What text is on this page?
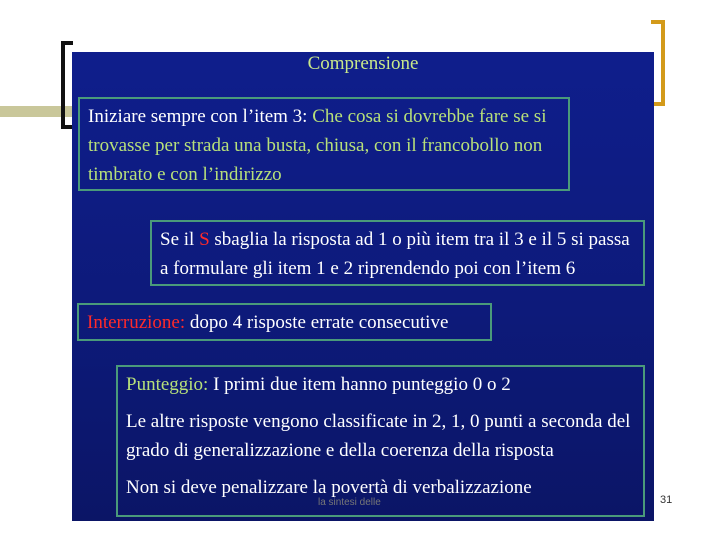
Comprensione
Iniziare sempre con l’item 3: Che cosa si dovrebbe fare se si trovasse per strada una busta, chiusa, con il francobollo non timbrato e con l’indirizzo
Se il S sbaglia la risposta ad 1 o più item tra il 3 e il 5 si passa a formulare gli item 1 e 2 riprendendo poi con l’item 6
Interruzione: dopo 4 risposte errate consecutive
Punteggio: I primi due item hanno punteggio 0 o 2
Le altre risposte vengono classificate in 2, 1, 0 punti a seconda del grado di generalizzazione e della coerenza della risposta
Non si deve penalizzare la povertà di verbalizzazione
la sintesi delle	31
